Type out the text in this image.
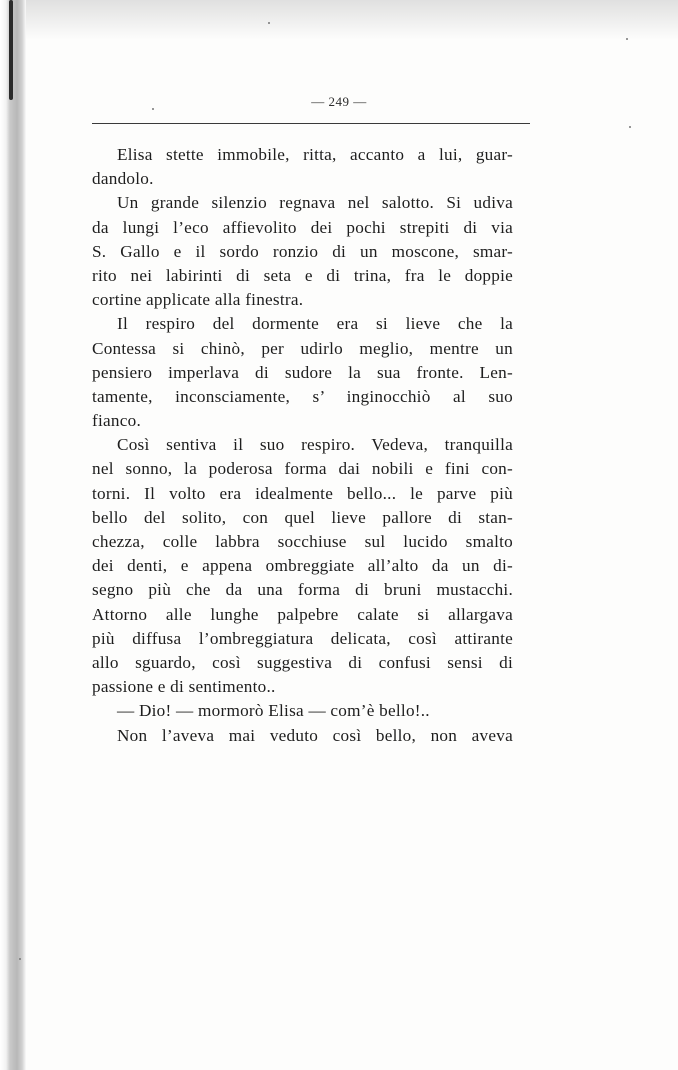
— 249 —
Elisa stette immobile, ritta, accanto a lui, guar-
dandolo.
Un grande silenzio regnava nel salotto. Si udiva
da lungi l’eco affievolito dei pochi strepiti di via
S. Gallo e il sordo ronzio di un moscone, smar-
rito nei labirinti di seta e di trina, fra le doppie
cortine applicate alla finestra.
Il respiro del dormente era si lieve che la
Contessa si chinò, per udirlo meglio, mentre un
pensiero imperlava di sudore la sua fronte. Len-
tamente, inconsciamente, s’ inginocchiò al suo
fianco.
Così sentiva il suo respiro. Vedeva, tranquilla
nel sonno, la poderosa forma dai nobili e fini con-
torni. Il volto era idealmente bello... le parve più
bello del solito, con quel lieve pallore di stan-
chezza, colle labbra socchiuse sul lucido smalto
dei denti, e appena ombreggiate all’alto da un di-
segno più che da una forma di bruni mustacchi.
Attorno alle lunghe palpebre calate si allargava
più diffusa l’ombreggiatura delicata, così attirante
allo sguardo, così suggestiva di confusi sensi di
passione e di sentimento..
— Dio! — mormorò Elisa — com’è bello!..
Non l’aveva mai veduto così bello, non aveva
